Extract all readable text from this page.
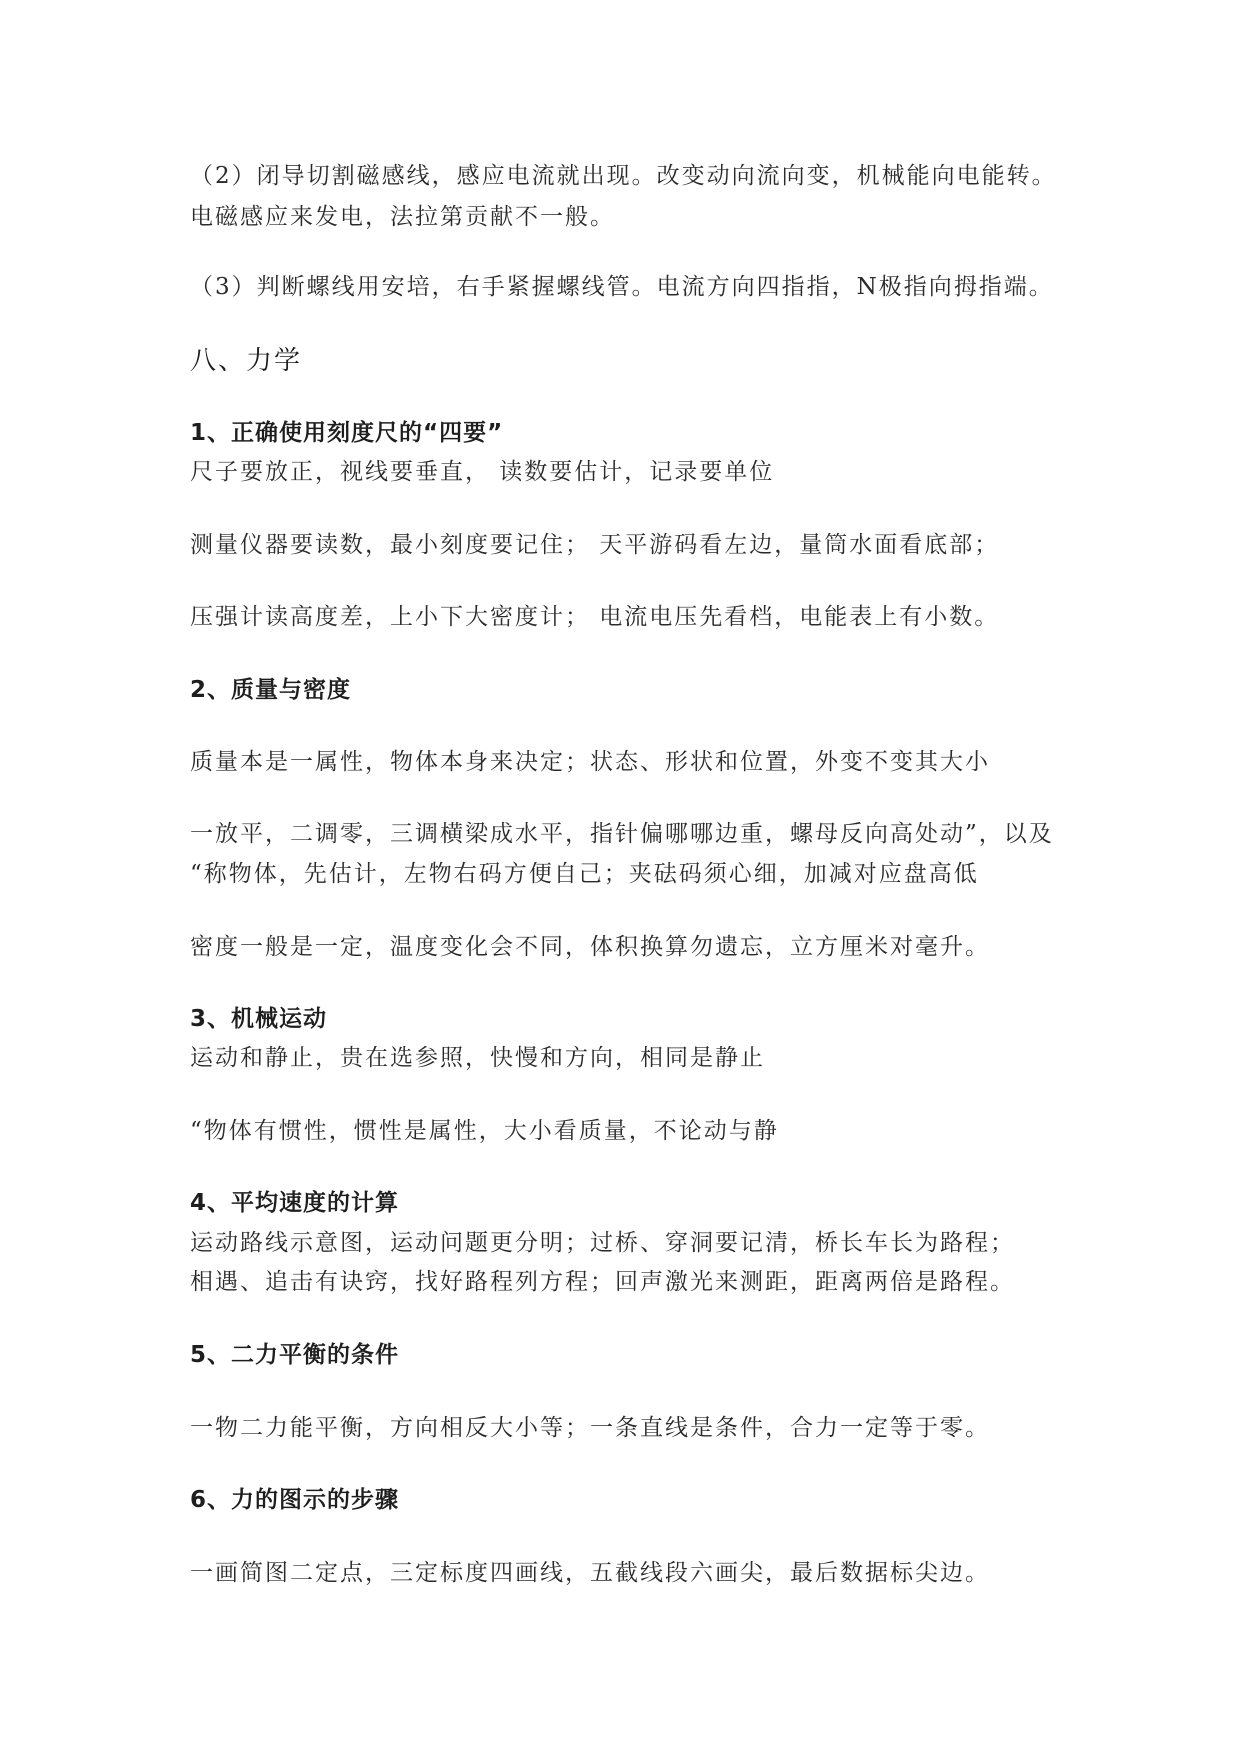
（2）闭导切割磁感线，感应电流就出现。改变动向流向变，机械能向电能转。
电磁感应来发电，法拉第贡献不一般。
（3）判断螺线用安培，右手紧握螺线管。电流方向四指指，N极指向拇指端。
八、力学
1、正确使用刻度尺的“四要”
尺子要放正，视线要垂直， 读数要估计，记录要单位
测量仪器要读数，最小刻度要记住； 天平游码看左边，量筒水面看底部；
压强计读高度差，上小下大密度计； 电流电压先看档，电能表上有小数。
2、质量与密度
质量本是一属性，物体本身来决定；状态、形状和位置，外变不变其大小
一放平，二调零，三调横梁成水平，指针偏哪哪边重，螺母反向高处动”，以及
“称物体，先估计，左物右码方便自己；夹砝码须心细，加减对应盘高低
密度一般是一定，温度变化会不同，体积换算勿遗忘，立方厘米对毫升。
3、机械运动
运动和静止，贵在选参照，快慢和方向，相同是静止
“物体有惯性，惯性是属性，大小看质量，不论动与静
4、平均速度的计算
运动路线示意图，运动问题更分明；过桥、穿洞要记清，桥长车长为路程；
相遇、追击有诀窍，找好路程列方程；回声激光来测距，距离两倍是路程。
5、二力平衡的条件
一物二力能平衡，方向相反大小等；一条直线是条件，合力一定等于零。
6、力的图示的步骤
一画简图二定点，三定标度四画线，五截线段六画尖，最后数据标尖边。
